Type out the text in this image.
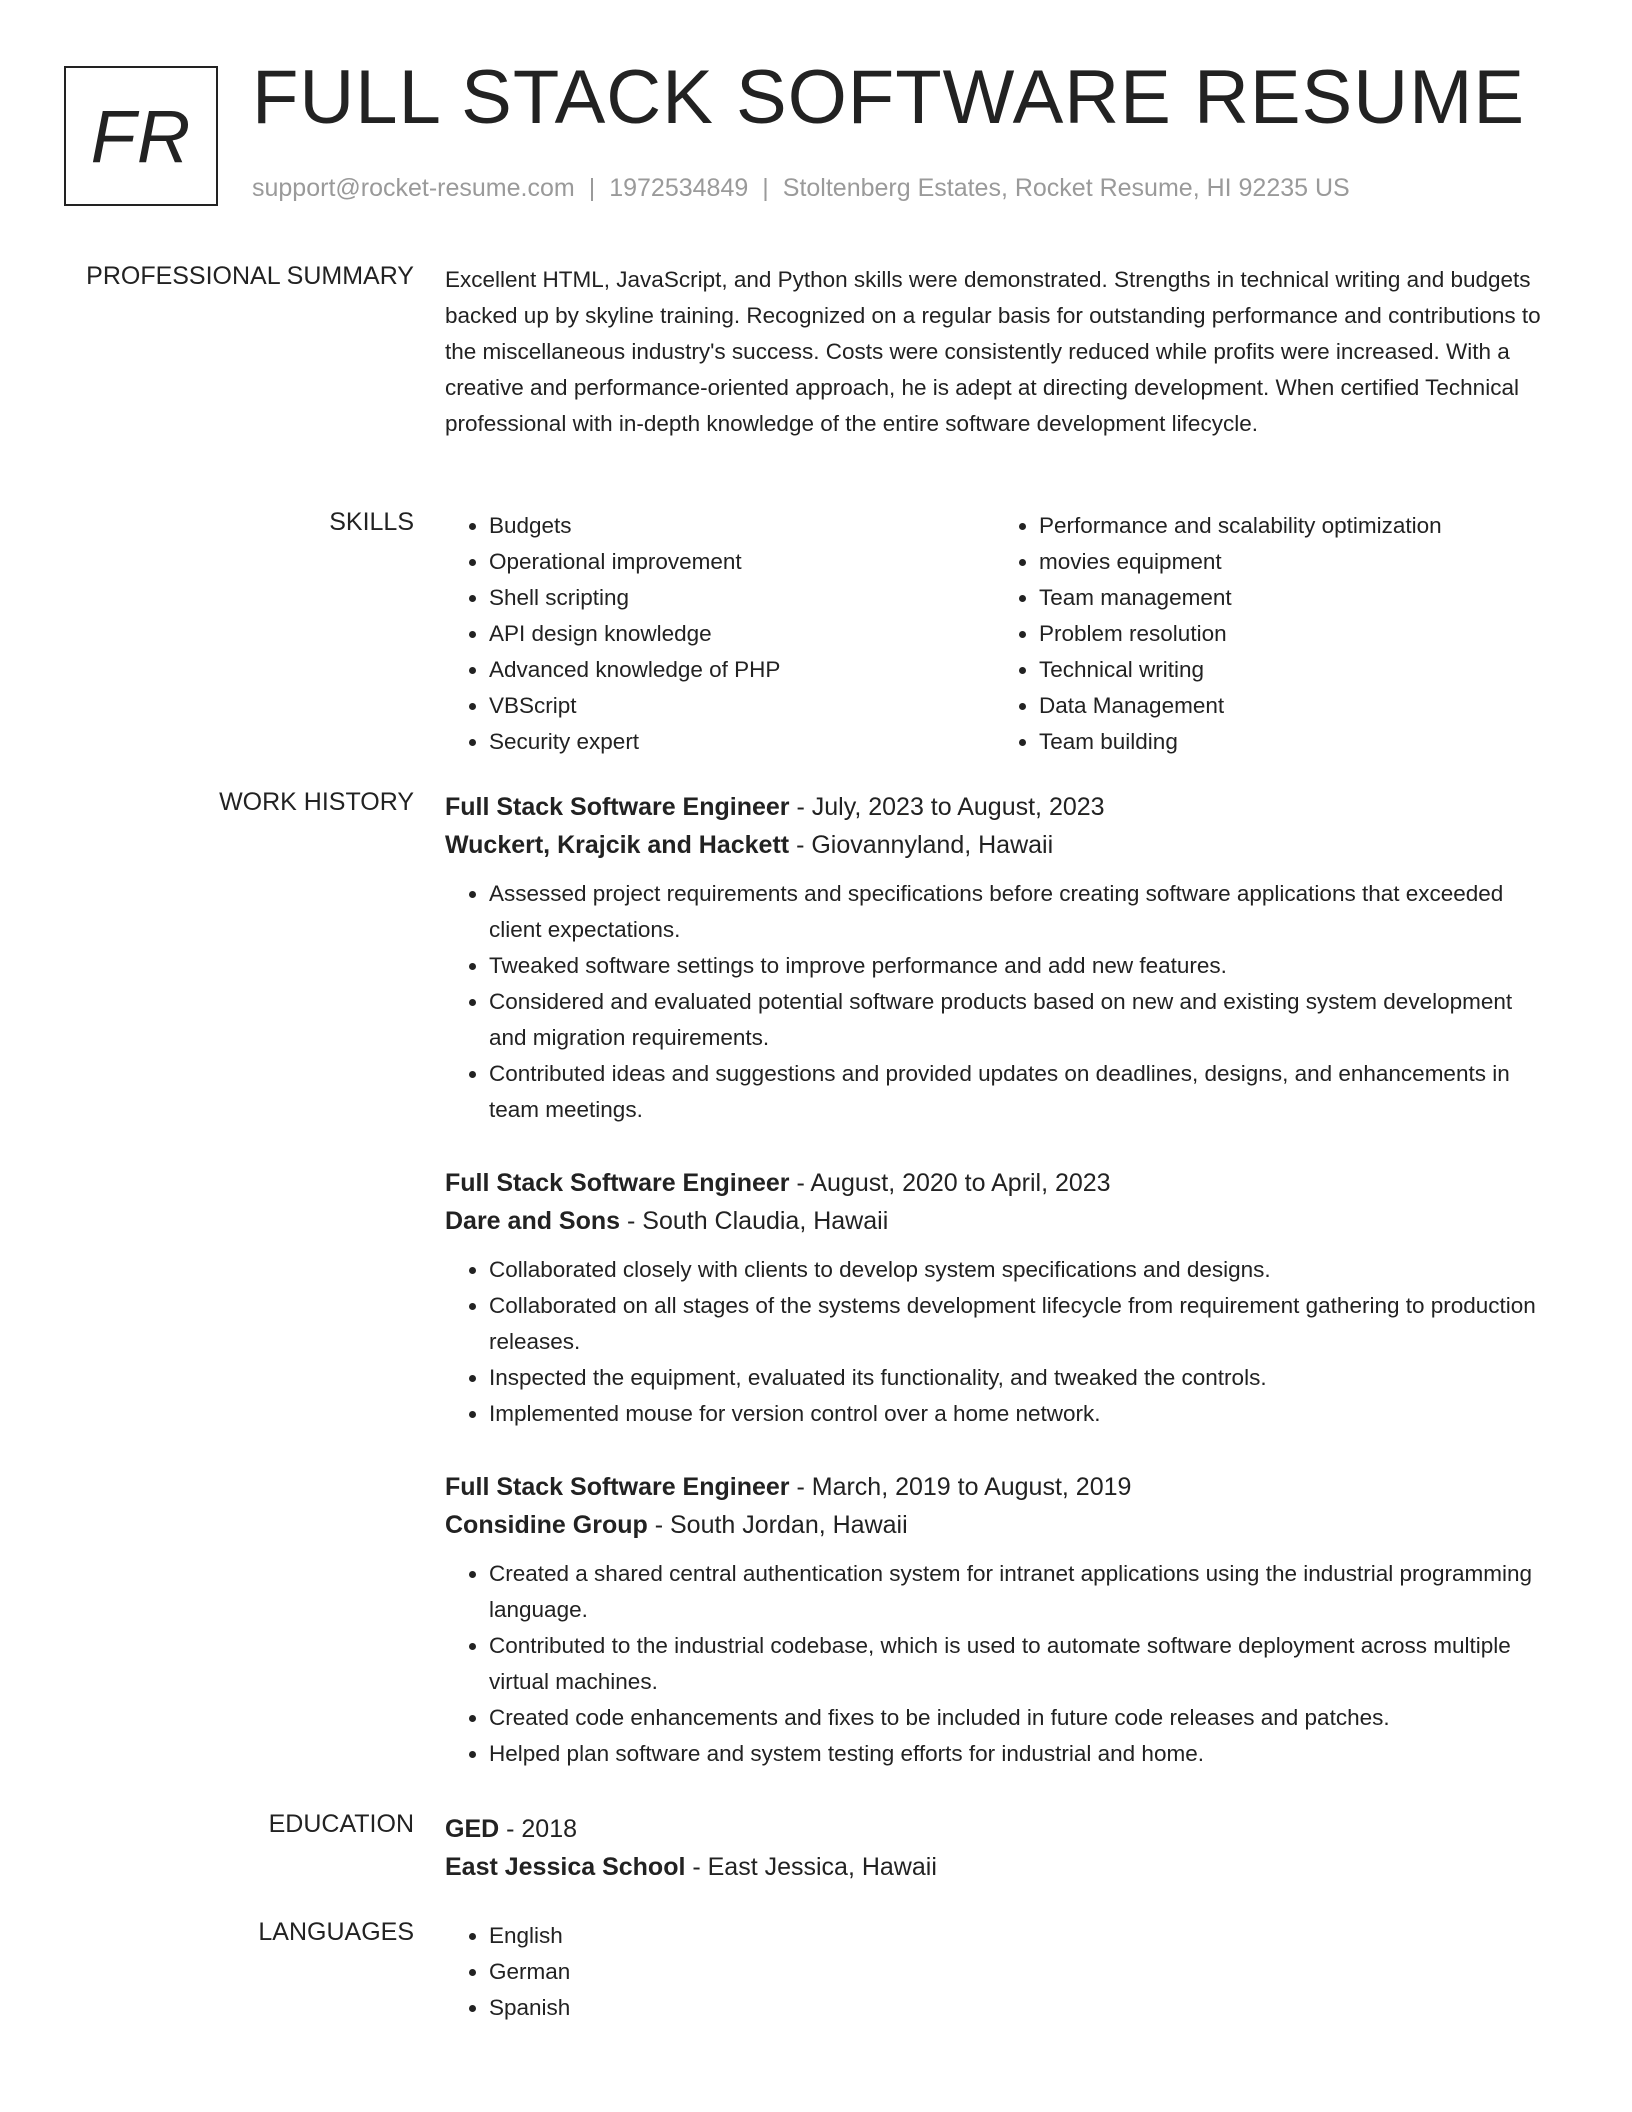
FR FULL STACK SOFTWARE RESUME
support@rocket-resume.com | 1972534849 | Stoltenberg Estates, Rocket Resume, HI 92235 US
PROFESSIONAL SUMMARY Excellent HTML, JavaScript, and Python skills were demonstrated. Strengths in technical writing and budgets backed up by skyline training. Recognized on a regular basis for outstanding performance and contributions to the miscellaneous industry's success. Costs were consistently reduced while profits were increased. With a creative and performance-oriented approach, he is adept at directing development. When certified Technical professional with in-depth knowledge of the entire software development lifecycle.

SKILLS	• Budgets
• Operational improvement
• Shell scripting
• API design knowledge
• Advanced knowledge of PHP
• VBScript
• Security expert
• Performance and scalability optimization
• movies equipment
• Team management
• Problem resolution
• Technical writing
• Data Management
• Team building
WORK HISTORY Full Stack Software Engineer - July, 2023 to August, 2023
Wuckert, Krajcik and Hackett - Giovannyland, Hawaii
• Assessed project requirements and specifications before creating software applications that exceeded client expectations.
• Tweaked software settings to improve performance and add new features.
• Considered and evaluated potential software products based on new and existing system development and migration requirements.
• Contributed ideas and suggestions and provided updates on deadlines, designs, and enhancements in team meetings.
Full Stack Software Engineer - August, 2020 to April, 2023
Dare and Sons - South Claudia, Hawaii
• Collaborated closely with clients to develop system specifications and designs.
• Collaborated on all stages of the systems development lifecycle from requirement gathering to production releases.
• Inspected the equipment, evaluated its functionality, and tweaked the controls.
• Implemented mouse for version control over a home network.
Full Stack Software Engineer - March, 2019 to August, 2019
Considine Group - South Jordan, Hawaii
• Created a shared central authentication system for intranet applications using the industrial programming language.
• Contributed to the industrial codebase, which is used to automate software deployment across multiple virtual machines.
• Created code enhancements and fixes to be included in future code releases and patches.
• Helped plan software and system testing efforts for industrial and home.
EDUCATION GED - 2018
East Jessica School - East Jessica, Hawaii
LANGUAGES	• English
• German
• Spanish
